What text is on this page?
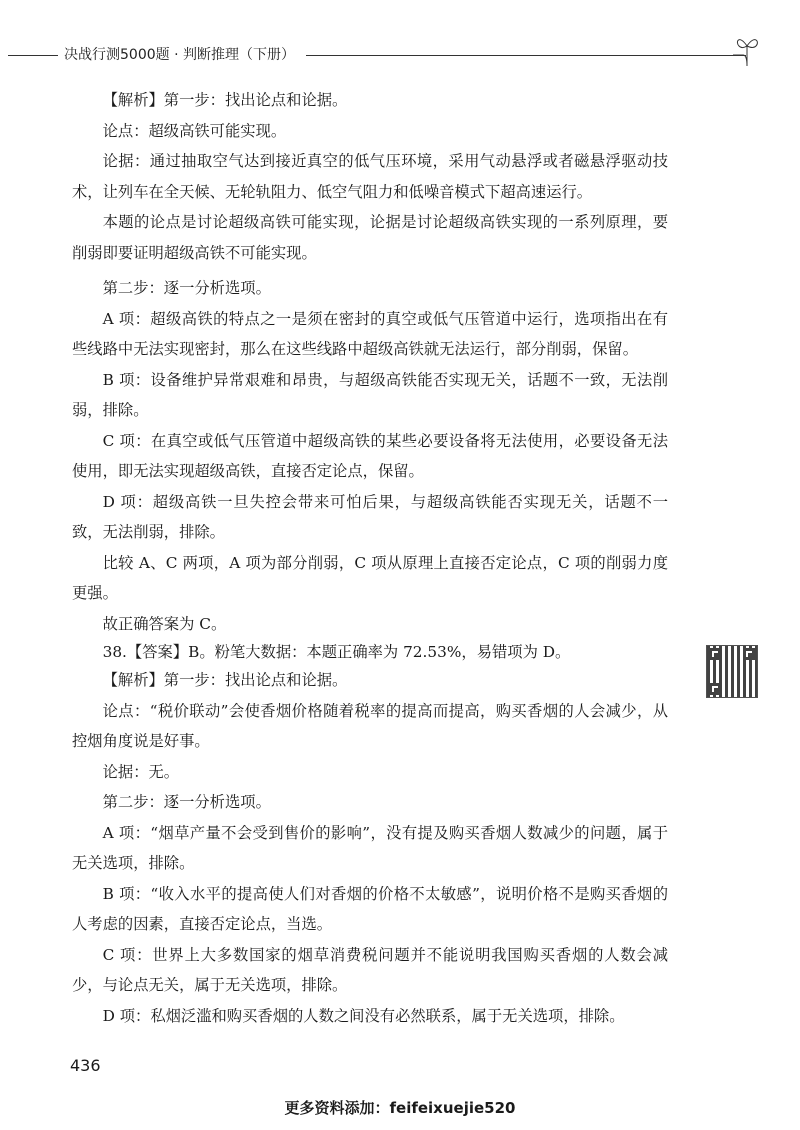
决战行测5000题 · 判断推理（下册）

【解析】第一步：找出论点和论据。

论点：超级高铁可能实现。

论据：通过抽取空气达到接近真空的低气压环境，采用气动悬浮或者磁悬浮驱动技术，让列车在全天候、无轮轨阻力、低空气阻力和低噪音模式下超高速运行。

本题的论点是讨论超级高铁可能实现，论据是讨论超级高铁实现的一系列原理，要削弱即要证明超级高铁不可能实现。

第二步：逐一分析选项。

A 项：超级高铁的特点之一是须在密封的真空或低气压管道中运行，选项指出在有些线路中无法实现密封，那么在这些线路中超级高铁就无法运行，部分削弱，保留。

B 项：设备维护异常艰难和昂贵，与超级高铁能否实现无关，话题不一致，无法削弱，排除。

C 项：在真空或低气压管道中超级高铁的某些必要设备将无法使用，必要设备无法使用，即无法实现超级高铁，直接否定论点，保留。

D 项：超级高铁一旦失控会带来可怕后果，与超级高铁能否实现无关，话题不一致，无法削弱，排除。

比较 A、C 两项，A 项为部分削弱，C 项从原理上直接否定论点，C 项的削弱力度更强。

故正确答案为 C。

38.【答案】B。粉笔大数据：本题正确率为 72.53%，易错项为 D。

【解析】第一步：找出论点和论据。

论点：“税价联动”会使香烟价格随着税率的提高而提高，购买香烟的人会减少，从控烟角度说是好事。

论据：无。

第二步：逐一分析选项。

A 项：“烟草产量不会受到售价的影响”，没有提及购买香烟人数减少的问题，属于无关选项，排除。

B 项：“收入水平的提高使人们对香烟的价格不太敏感”，说明价格不是购买香烟的人考虑的因素，直接否定论点，当选。

C 项：世界上大多数国家的烟草消费税问题并不能说明我国购买香烟的人数会减少，与论点无关，属于无关选项，排除。

D 项：私烟泛滥和购买香烟的人数之间没有必然联系，属于无关选项，排除。

436
更多资料添加：feifeixuejie520
